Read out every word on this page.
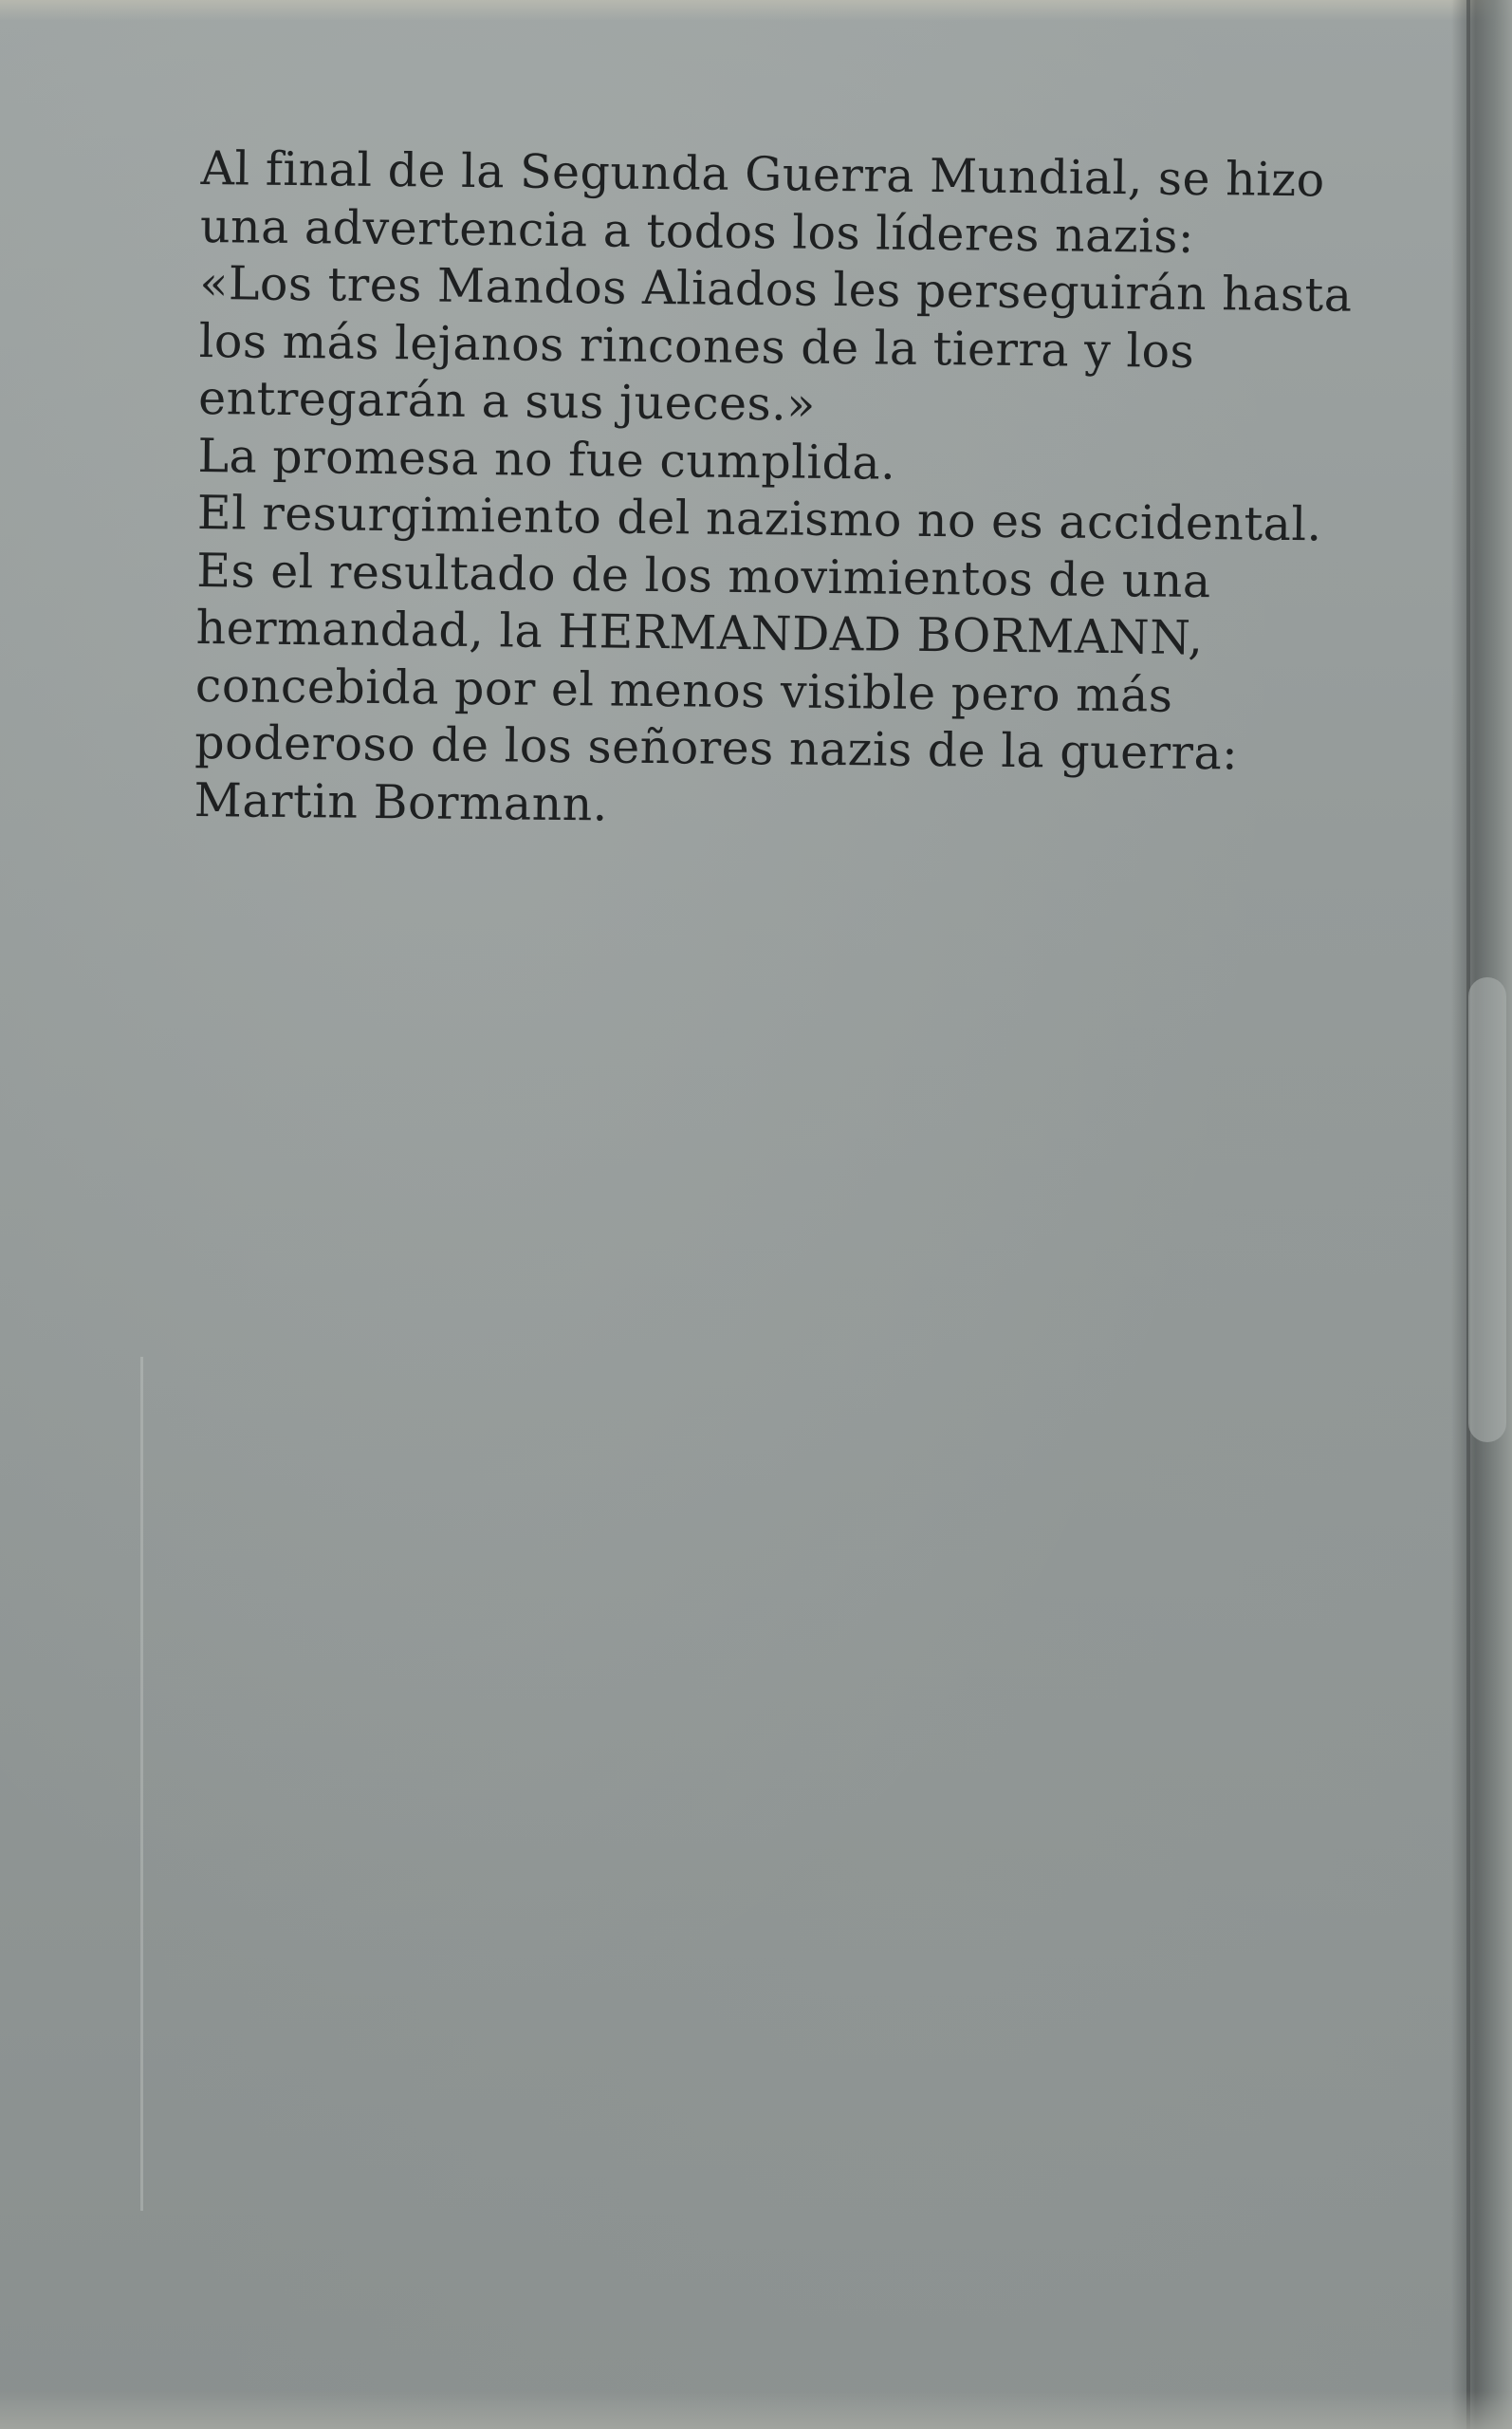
Al final de la Segunda Guerra Mundial, se hizo
una advertencia a todos los líderes nazis:
«Los tres Mandos Aliados les perseguirán hasta
los más lejanos rincones de la tierra y los
entregarán a sus jueces.»
La promesa no fue cumplida.
El resurgimiento del nazismo no es accidental.
Es el resultado de los movimientos de una
hermandad, la HERMANDAD BORMANN,
concebida por el menos visible pero más
poderoso de los señores nazis de la guerra:
Martin Bormann.
